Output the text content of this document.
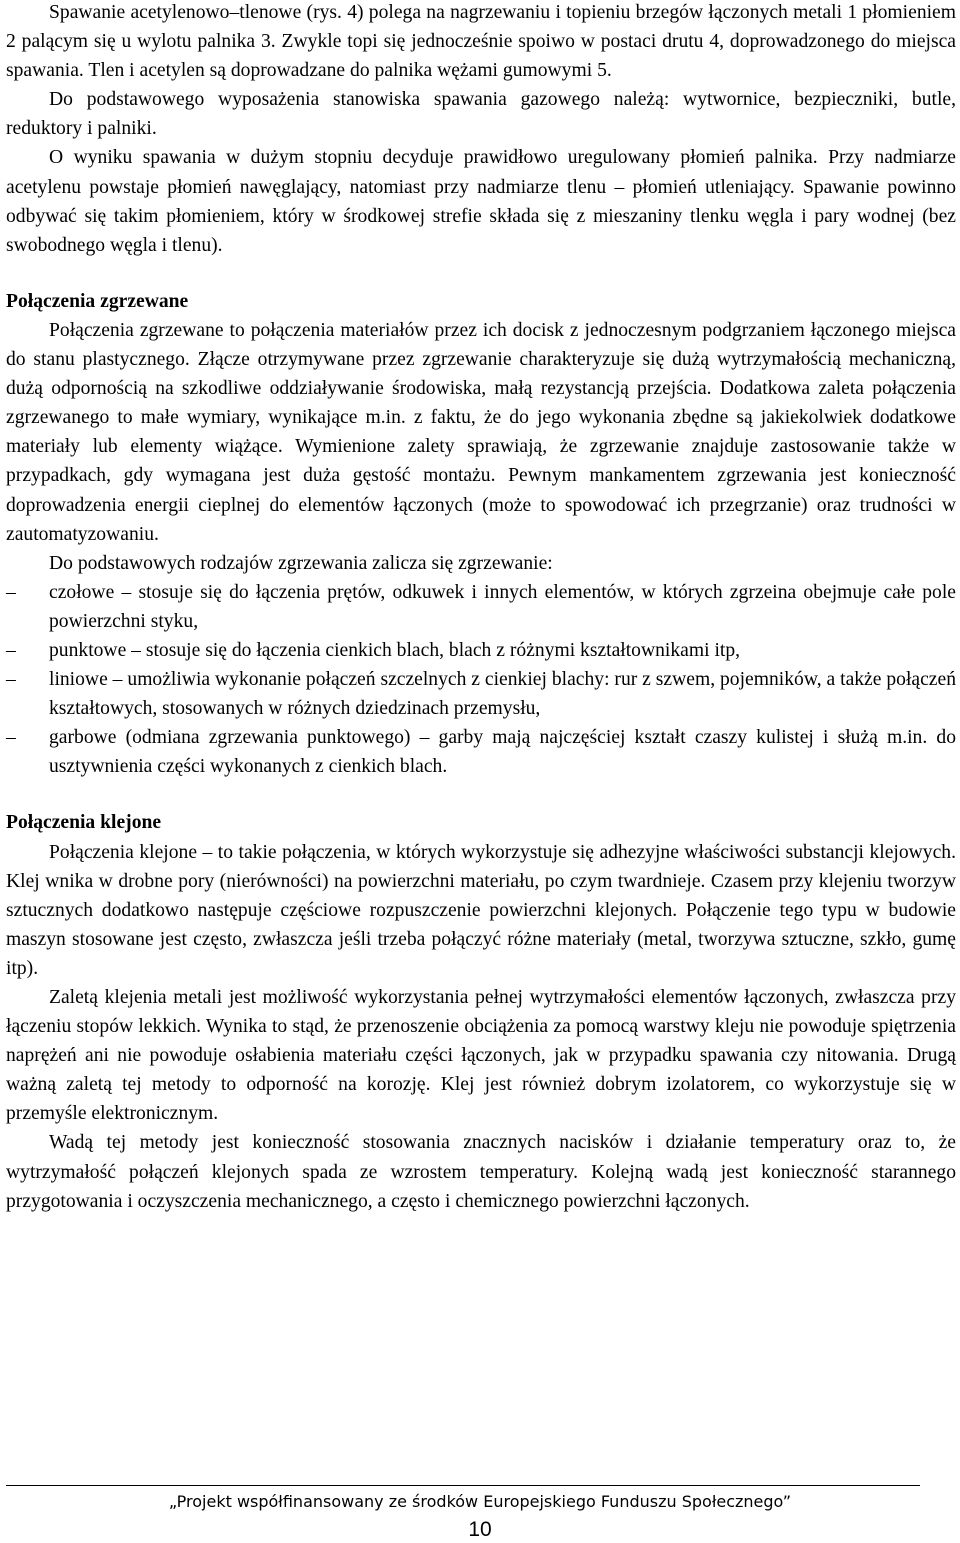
Spawanie acetylenowo–tlenowe (rys. 4) polega na nagrzewaniu i topieniu brzegów łączonych metali 1 płomieniem 2 palącym się u wylotu palnika 3. Zwykle topi się jednocześnie spoiwo w postaci drutu 4, doprowadzonego do miejsca spawania. Tlen i acetylen są doprowadzane do palnika wężami gumowymi 5.

Do podstawowego wyposażenia stanowiska spawania gazowego należą: wytwornice, bezpieczniki, butle, reduktory i palniki.

O wyniku spawania w dużym stopniu decyduje prawidłowo uregulowany płomień palnika. Przy nadmiarze acetylenu powstaje płomień nawęglający, natomiast przy nadmiarze tlenu – płomień utleniający. Spawanie powinno odbywać się takim płomieniem, który w środkowej strefie składa się z mieszaniny tlenku węgla i pary wodnej (bez swobodnego węgla i tlenu).

Połączenia zgrzewane

Połączenia zgrzewane to połączenia materiałów przez ich docisk z jednoczesnym podgrzaniem łączonego miejsca do stanu plastycznego. Złącze otrzymywane przez zgrzewanie charakteryzuje się dużą wytrzymałością mechaniczną, dużą odpornością na szkodliwe oddziaływanie środowiska, małą rezystancją przejścia. Dodatkowa zaleta połączenia zgrzewanego to małe wymiary, wynikające m.in. z faktu, że do jego wykonania zbędne są jakiekolwiek dodatkowe materiały lub elementy wiążące. Wymienione zalety sprawiają, że zgrzewanie znajduje zastosowanie także w przypadkach, gdy wymagana jest duża gęstość montażu. Pewnym mankamentem zgrzewania jest konieczność doprowadzenia energii cieplnej do elementów łączonych (może to spowodować ich przegrzanie) oraz trudności w zautomatyzowaniu.

Do podstawowych rodzajów zgrzewania zalicza się zgrzewanie:

– czołowe – stosuje się do łączenia prętów, odkuwek i innych elementów, w których zgrzeina obejmuje całe pole powierzchni styku,

– punktowe – stosuje się do łączenia cienkich blach, blach z różnymi kształtownikami itp,

– liniowe – umożliwia wykonanie połączeń szczelnych z cienkiej blachy: rur z szwem, pojemników, a także połączeń kształtowych, stosowanych w różnych dziedzinach przemysłu,

– garbowe (odmiana zgrzewania punktowego) – garby mają najczęściej kształt czaszy kulistej i służą m.in. do usztywnienia części wykonanych z cienkich blach.

Połączenia klejone

Połączenia klejone – to takie połączenia, w których wykorzystuje się adhezyjne właściwości substancji klejowych. Klej wnika w drobne pory (nierówności) na powierzchni materiału, po czym twardnieje. Czasem przy klejeniu tworzyw sztucznych dodatkowo następuje częściowe rozpuszczenie powierzchni klejonych. Połączenie tego typu w budowie maszyn stosowane jest często, zwłaszcza jeśli trzeba połączyć różne materiały (metal, tworzywa sztuczne, szkło, gumę itp).

Zaletą klejenia metali jest możliwość wykorzystania pełnej wytrzymałości elementów łączonych, zwłaszcza przy łączeniu stopów lekkich. Wynika to stąd, że przenoszenie obciążenia za pomocą warstwy kleju nie powoduje spiętrzenia naprężeń ani nie powoduje osłabienia materiału części łączonych, jak w przypadku spawania czy nitowania. Drugą ważną zaletą tej metody to odporność na korozję. Klej jest również dobrym izolatorem, co wykorzystuje się w przemyśle elektronicznym.

Wadą tej metody jest konieczność stosowania znacznych nacisków i działanie temperatury oraz to, że wytrzymałość połączeń klejonych spada ze wzrostem temperatury. Kolejną wadą jest konieczność starannego przygotowania i oczyszczenia mechanicznego, a często i chemicznego powierzchni łączonych.

„Projekt współfinansowany ze środków Europejskiego Funduszu Społecznego”
10
